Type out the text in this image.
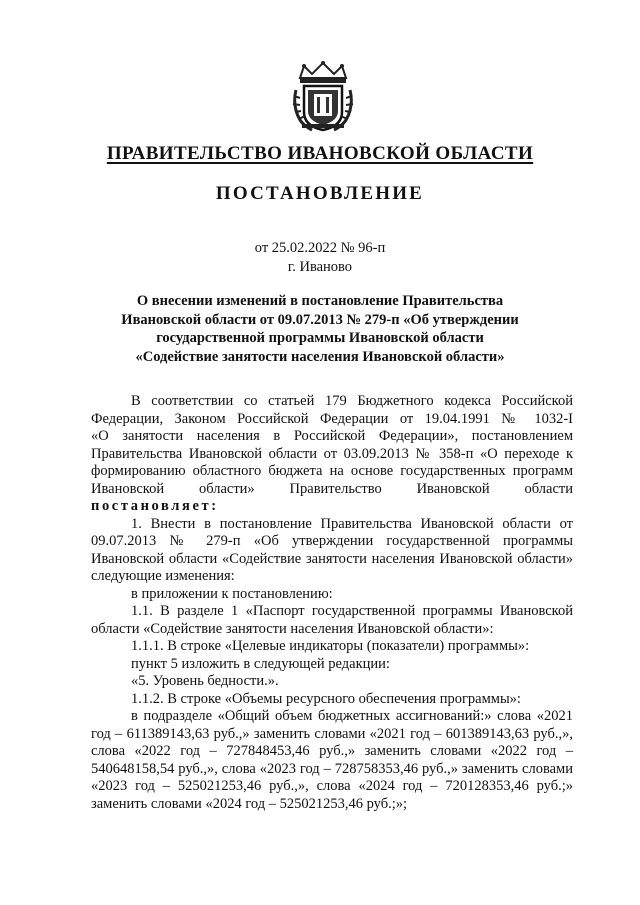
ПРАВИТЕЛЬСТВО ИВАНОВСКОЙ ОБЛАСТИ
ПОСТАНОВЛЕНИЕ
от 25.02.2022 № 96-п
г. Иваново
О внесении изменений в постановление Правительства Ивановской области от 09.07.2013 № 279-п «Об утверждении государственной программы Ивановской области «Содействие занятости населения Ивановской области»

В соответствии со статьей 179 Бюджетного кодекса Российской

Федерации, Законом Российской Федерации от 19.04.1991 № 1032-I

«О занятости населения в Российской Федерации», постановлением

Правительства Ивановской области от 03.09.2013 № 358-п «О переходе к

формированию областного бюджета на основе государственных программ

Ивановской области» Правительство Ивановской области

постановляет:

1. Внести в постановление Правительства Ивановской области от 09.07.2013 № 279-п «Об утверждении государственной программы Ивановской области «Содействие занятости населения Ивановской области» следующие изменения:

в приложении к постановлению:

1.1. В разделе 1 «Паспорт государственной программы Ивановской области «Содействие занятости населения Ивановской области»:

1.1.1. В строке «Целевые индикаторы (показатели) программы»:

пункт 5 изложить в следующей редакции:

«5. Уровень бедности.».

1.1.2. В строке «Объемы ресурсного обеспечения программы»:

в подразделе «Общий объем бюджетных ассигнований:» слова «2021 год – 611389143,63 руб.,» заменить словами «2021 год – 601389143,63 руб.,», слова «2022 год – 727848453,46 руб.,» заменить словами «2022 год – 540648158,54 руб.,», слова «2023 год – 728758353,46 руб.,» заменить словами «2023 год – 525021253,46 руб.,», слова «2024 год – 720128353,46 руб.;» заменить словами «2024 год – 525021253,46 руб.;»;
